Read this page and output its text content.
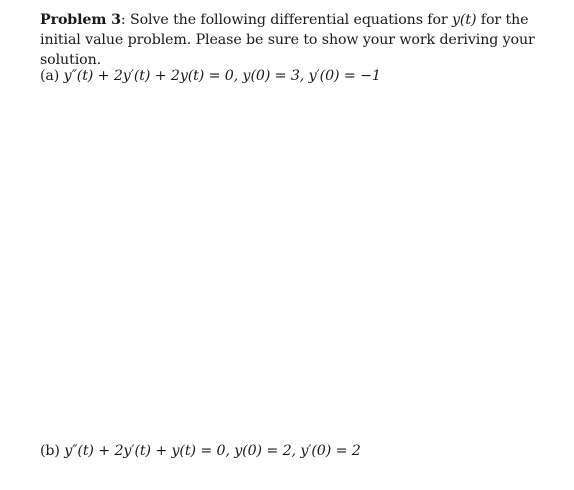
Problem 3: Solve the following differential equations for y(t) for the initial value problem. Please be sure to show your work deriving your solution.
(a) y″(t) + 2y′(t) + 2y(t) = 0, y(0) = 3, y′(0) = −1
(b) y″(t) + 2y′(t) + y(t) = 0, y(0) = 2, y′(0) = 2
